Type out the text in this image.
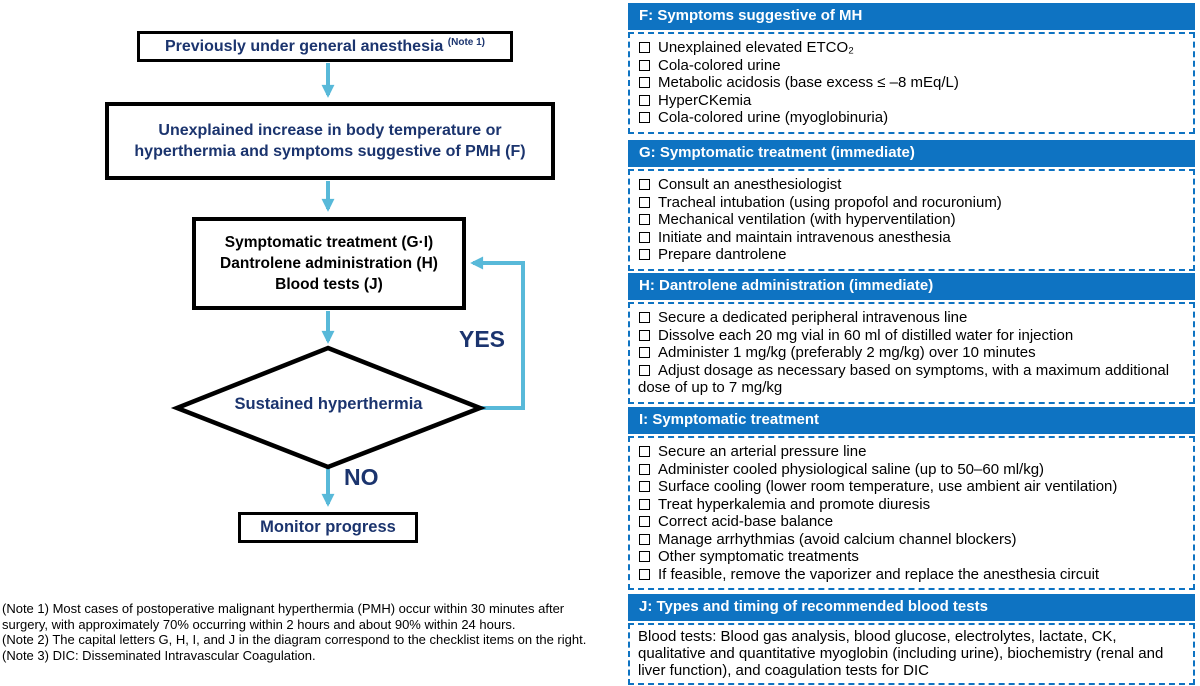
Previously under general anesthesia $^{(Note 1)}$
Unexplained increase in body temperature or
hyperthermia and symptoms suggestive of PMH (F)
Symptomatic treatment (G·I)
Dantrolene administration (H)
Blood tests (J)
Sustained hyperthermia
YES
NO
Monitor progress
(Note 1) Most cases of postoperative malignant hyperthermia (PMH) occur within 30 minutes after
surgery, with approximately 70% occurring within 2 hours and about 90% within 24 hours.
(Note 2) The capital letters G, H, I, and J in the diagram correspond to the checklist items on the right.
(Note 3) DIC: Disseminated Intravascular Coagulation.
F: Symptoms suggestive of MH
Unexplained elevated ETCO₂
Cola-colored urine
Metabolic acidosis (base excess ≤ –8 mEq/L)
HyperCKemia
Cola-colored urine (myoglobinuria)
G: Symptomatic treatment (immediate)
Consult an anesthesiologist
Tracheal intubation (using propofol and rocuronium)
Mechanical ventilation (with hyperventilation)
Initiate and maintain intravenous anesthesia
Prepare dantrolene
H: Dantrolene administration (immediate)
Secure a dedicated peripheral intravenous line
Dissolve each 20 mg vial in 60 ml of distilled water for injection
Administer 1 mg/kg (preferably 2 mg/kg) over 10 minutes
Adjust dosage as necessary based on symptoms, with a maximum additional dose of up to 7 mg/kg
I: Symptomatic treatment
Secure an arterial pressure line
Administer cooled physiological saline (up to 50–60 ml/kg)
Surface cooling (lower room temperature, use ambient air ventilation)
Treat hyperkalemia and promote diuresis
Correct acid-base balance
Manage arrhythmias (avoid calcium channel blockers)
Other symptomatic treatments
If feasible, remove the vaporizer and replace the anesthesia circuit
J: Types and timing of recommended blood tests
Blood tests: Blood gas analysis, blood glucose, electrolytes, lactate, CK, qualitative and quantitative myoglobin (including urine), biochemistry (renal and liver function), and coagulation tests for DIC
